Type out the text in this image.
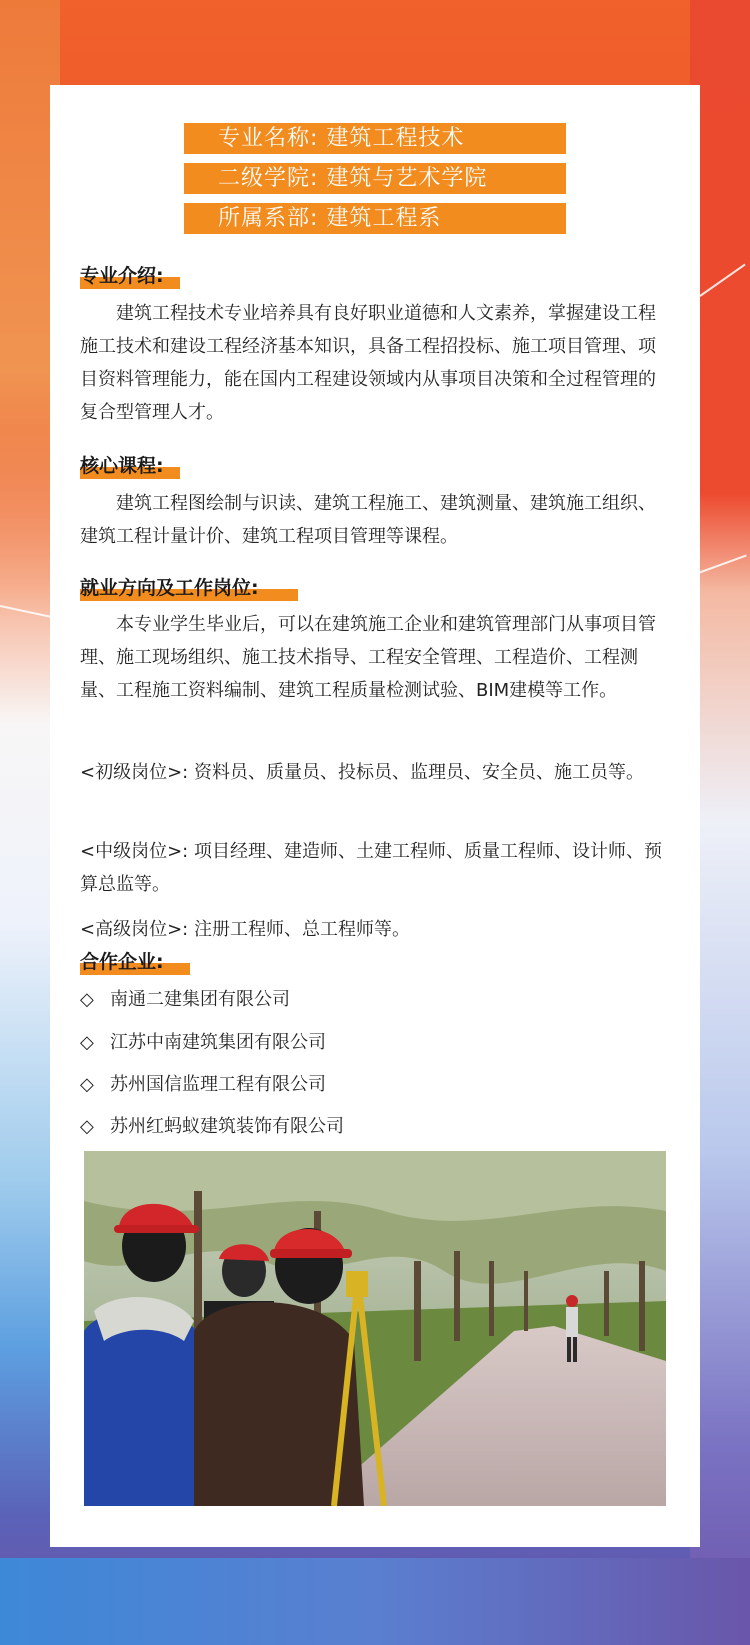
专业名称: 建筑工程技术
二级学院: 建筑与艺术学院
所属系部: 建筑工程系
专业介绍:

建筑工程技术专业培养具有良好职业道德和人文素养，掌握建设工程施工技术和建设工程经济基本知识，具备工程招投标、施工项目管理、项目资料管理能力，能在国内工程建设领域内从事项目决策和全过程管理的复合型管理人才。

核心课程:

建筑工程图绘制与识读、建筑工程施工、建筑测量、建筑施工组织、建筑工程计量计价、建筑工程项目管理等课程。

就业方向及工作岗位:

本专业学生毕业后，可以在建筑施工企业和建筑管理部门从事项目管理、施工现场组织、施工技术指导、工程安全管理、工程造价、工程测量、工程施工资料编制、建筑工程质量检测试验、BIM建模等工作。

<初级岗位>: 资料员、质量员、投标员、监理员、安全员、施工员等。

<中级岗位>: 项目经理、建造师、土建工程师、质量工程师、设计师、预算总监等。

<高级岗位>: 注册工程师、总工程师等。

合作企业:
◇ 南通二建集团有限公司
◇ 江苏中南建筑集团有限公司
◇ 苏州国信监理工程有限公司
◇ 苏州红蚂蚁建筑装饰有限公司
